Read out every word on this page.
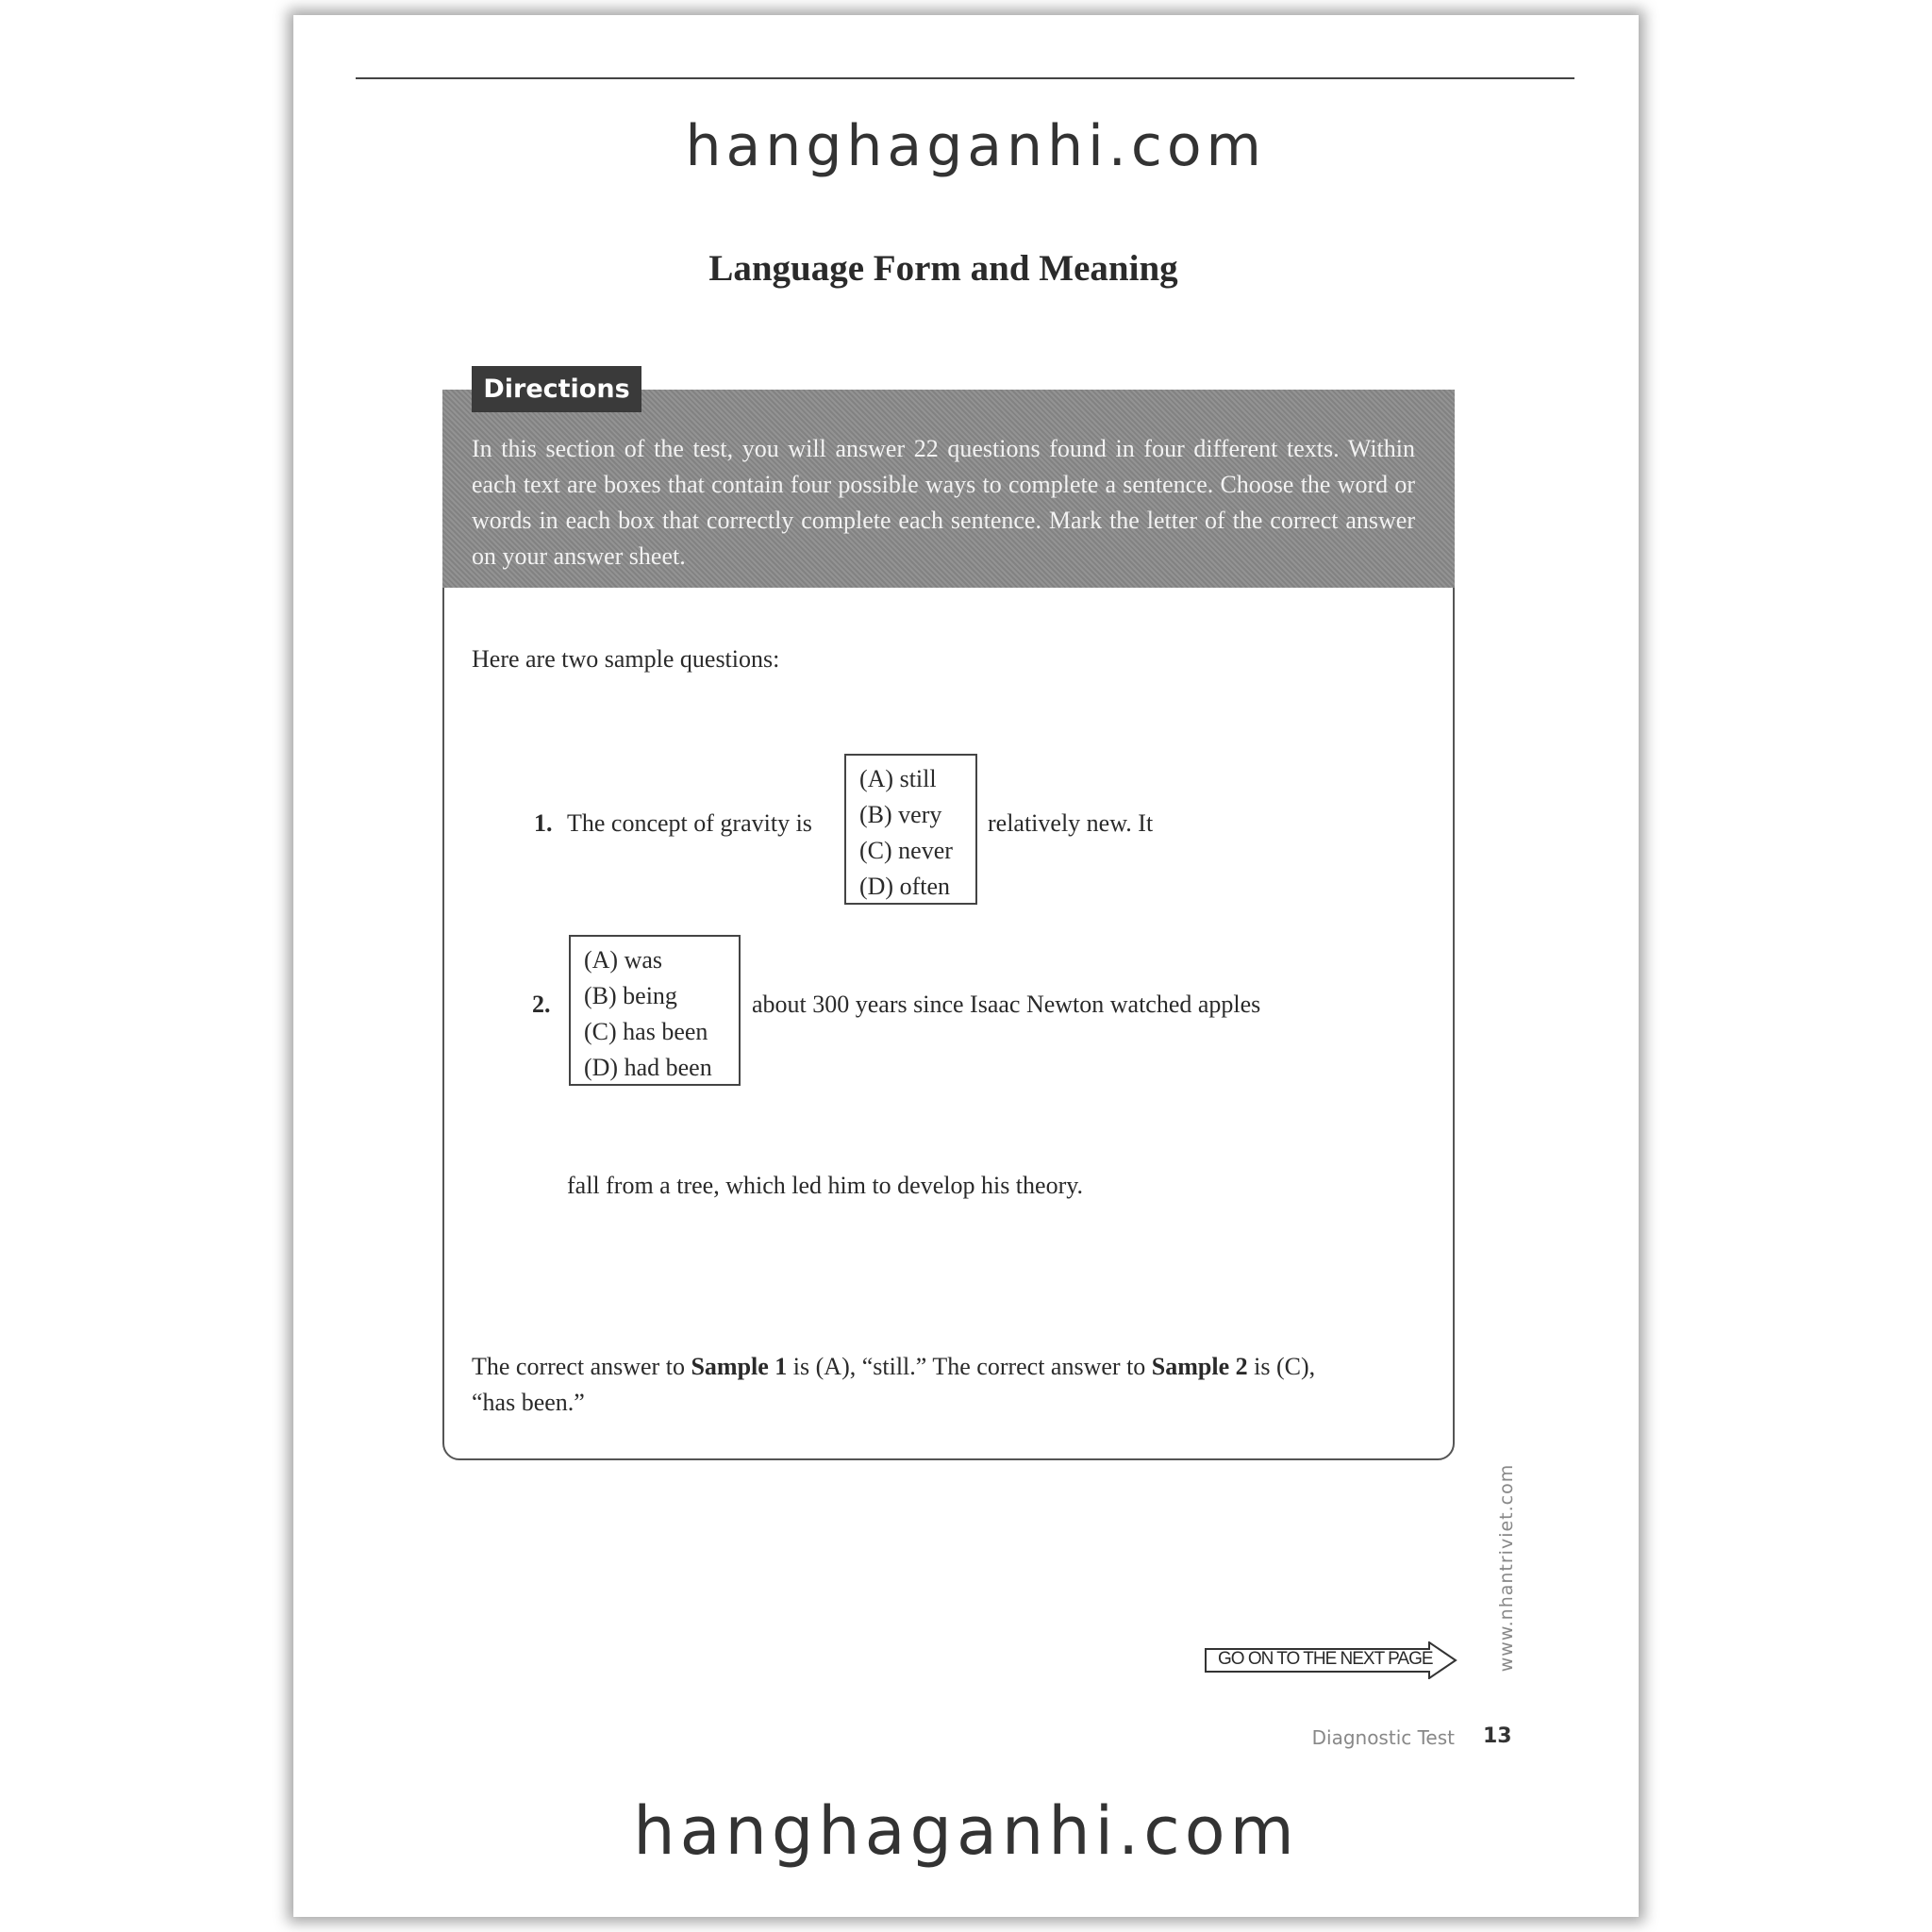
hanghaganhi.com
Language Form and Meaning
Directions
In this section of the test, you will answer 22 questions found in four different texts. Within each text are boxes that contain four possible ways to complete a sentence. Choose the word or words in each box that correctly complete each sentence. Mark the letter of the correct answer on your answer sheet.
Here are two sample questions:
1. The concept of gravity is
(A) still
(B) very
(C) never
(D) often
relatively new. It
2.
(A) was
(B) being
(C) has been
(D) had been
about 300 years since Isaac Newton watched apples
fall from a tree, which led him to develop his theory.
The correct answer to Sample 1 is (A), “still.” The correct answer to Sample 2 is (C),
“has been.”
GO ON TO THE NEXT PAGE	www.nhantriviet.com
Diagnostic Test 13
hanghaganhi.com
